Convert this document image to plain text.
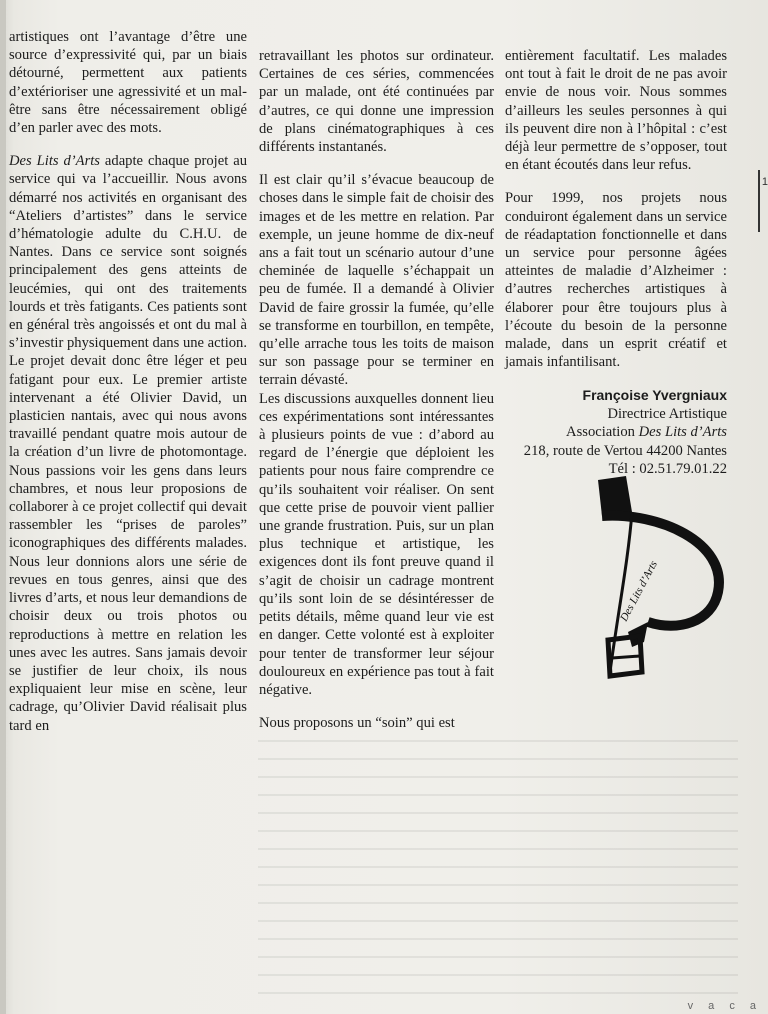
artistiques ont l’avantage d’être une source d’expressivité qui, par un biais détourné, permettent aux patients d’extérioriser une agressivité et un mal-être sans être nécessairement obligé d’en parler avec des mots.

Des Lits d’Arts adapte chaque projet au service qui va l’accueillir. Nous avons démarré nos activités en organisant des “Ateliers d’artistes” dans le service d’hématologie adulte du C.H.U. de Nantes. Dans ce service sont soignés principalement des gens atteints de leucémies, qui ont des traitements lourds et très fatigants. Ces patients sont en général très angoissés et ont du mal à s’investir physiquement dans une action. Le projet devait donc être léger et peu fatigant pour eux. Le premier artiste intervenant a été Olivier David, un plasticien nantais, avec qui nous avons travaillé pendant quatre mois autour de la création d’un livre de photomontage. Nous passions voir les gens dans leurs chambres, et nous leur proposions de collaborer à ce projet collectif qui devait rassembler les “prises de paroles” iconographiques des différents malades. Nous leur donnions alors une série de revues en tous genres, ainsi que des livres d’arts, et nous leur demandions de choisir deux ou trois photos ou reproductions à mettre en relation les unes avec les autres. Sans jamais devoir se justifier de leur choix, ils nous expliquaient leur mise en scène, leur cadrage, qu’Olivier David réalisait plus tard en

retravaillant les photos sur ordinateur. Certaines de ces séries, commencées par un malade, ont été continuées par d’autres, ce qui donne une impression de plans cinématographiques à ces différents instantanés.

Il est clair qu’il s’évacue beaucoup de choses dans le simple fait de choisir des images et de les mettre en relation. Par exemple, un jeune homme de dix-neuf ans a fait tout un scénario autour d’une cheminée de laquelle s’échappait un peu de fumée. Il a demandé à Olivier David de faire grossir la fumée, qu’elle se transforme en tourbillon, en tempête, qu’elle arrache tous les toits de maison sur son passage pour se terminer en terrain dévasté.

Les discussions auxquelles donnent lieu ces expérimentations sont intéressantes à plusieurs points de vue : d’abord au regard de l’énergie que déploient les patients pour nous faire comprendre ce qu’ils souhaitent voir réaliser. On sent que cette prise de pouvoir vient pallier une grande frustration. Puis, sur un plan plus technique et artistique, les exigences dont ils font preuve quand il s’agit de choisir un cadrage montrent qu’ils sont loin de se désintéresser de petits détails, même quand leur vie est en danger. Cette volonté est à exploiter pour tenter de transformer leur séjour douloureux en expérience pas tout à fait négative.

Nous proposons un “soin” qui est

entièrement facultatif. Les malades ont tout à fait le droit de ne pas avoir envie de nous voir. Nous sommes d’ailleurs les seules personnes à qui ils peuvent dire non à l’hôpital : c’est déjà leur permettre de s’opposer, tout en étant écoutés dans leur refus.

Pour 1999, nos projets nous conduiront également dans un service de réadaptation fonctionnelle et dans un service pour personne âgées atteintes de maladie d’Alzheimer : d’autres recherches artistiques à élaborer pour être toujours plus à l’écoute du besoin de la personne malade, dans un esprit créatif et jamais infantilisant.

Françoise Yvergniaux
Directrice Artistique
Association Des Lits d’Arts
218, route de Vertou 44200 Nantes
Tél : 02.51.79.01.22
Des Lits d’Arts
1
v a c a
